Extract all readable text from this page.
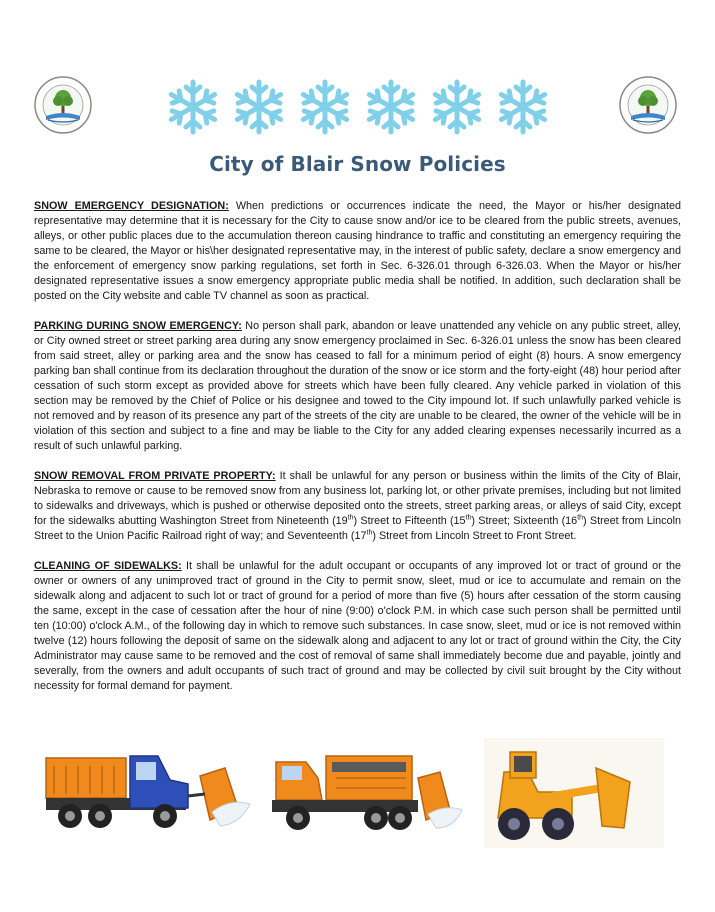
City of Blair Snow Policies

SNOW EMERGENCY DESIGNATION: When predictions or occurrences indicate the need, the Mayor or his/her designated representative may determine that it is necessary for the City to cause snow and/or ice to be cleared from the public streets, avenues, alleys, or other public places due to the accumulation thereon causing hindrance to traffic and constituting an emergency requiring the same to be cleared, the Mayor or his\her designated representative may, in the interest of public safety, declare a snow emergency and the enforcement of emergency snow parking regulations, set forth in Sec. 6-326.01 through 6-326.03. When the Mayor or his/her designated representative issues a snow emergency appropriate public media shall be notified. In addition, such declaration shall be posted on the City website and cable TV channel as soon as practical.

PARKING DURING SNOW EMERGENCY: No person shall park, abandon or leave unattended any vehicle on any public street, alley, or City owned street or street parking area during any snow emergency proclaimed in Sec. 6-326.01 unless the snow has been cleared from said street, alley or parking area and the snow has ceased to fall for a minimum period of eight (8) hours. A snow emergency parking ban shall continue from its declaration throughout the duration of the snow or ice storm and the forty-eight (48) hour period after cessation of such storm except as provided above for streets which have been fully cleared. Any vehicle parked in violation of this section may be removed by the Chief of Police or his designee and towed to the City impound lot. If such unlawfully parked vehicle is not removed and by reason of its presence any part of the streets of the city are unable to be cleared, the owner of the vehicle will be in violation of this section and subject to a fine and may be liable to the City for any added clearing expenses necessarily incurred as a result of such unlawful parking.

SNOW REMOVAL FROM PRIVATE PROPERTY: It shall be unlawful for any person or business within the limits of the City of Blair, Nebraska to remove or cause to be removed snow from any business lot, parking lot, or other private premises, including but not limited to sidewalks and driveways, which is pushed or otherwise deposited onto the streets, street parking areas, or alleys of said City, except for the sidewalks abutting Washington Street from Nineteenth (19th) Street to Fifteenth (15th) Street; Sixteenth (16th) Street from Lincoln Street to the Union Pacific Railroad right of way; and Seventeenth (17th) Street from Lincoln Street to Front Street.

CLEANING OF SIDEWALKS: It shall be unlawful for the adult occupant or occupants of any improved lot or tract of ground or the owner or owners of any unimproved tract of ground in the City to permit snow, sleet, mud or ice to accumulate and remain on the sidewalk along and adjacent to such lot or tract of ground for a period of more than five (5) hours after cessation of the storm causing the same, except in the case of cessation after the hour of nine (9:00) o'clock P.M. in which case such person shall be permitted until ten (10:00) o'clock A.M., of the following day in which to remove such substances. In case snow, sleet, mud or ice is not removed within twelve (12) hours following the deposit of same on the sidewalk along and adjacent to any lot or tract of ground within the City, the City Administrator may cause same to be removed and the cost of removal of same shall immediately become due and payable, jointly and severally, from the owners and adult occupants of such tract of ground and may be collected by civil suit brought by the City without necessity for formal demand for payment.
